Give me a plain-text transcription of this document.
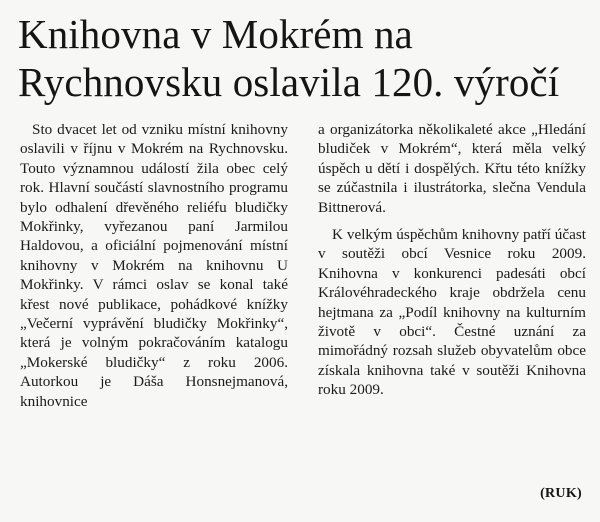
Knihovna v Mokrém na
Rychnovsku oslavila 120. výročí

Sto dvacet let od vzniku místní knihovny oslavili v říjnu v Mokrém na Rychnovsku. Touto významnou událostí žila obec celý rok. Hlavní součástí slavnostního programu bylo odhalení dřevěného reliéfu bludičky Mokřinky, vyřezanou paní Jarmilou Haldovou, a oficiální pojmenování místní knihovny v Mokrém na knihovnu U Mokřinky. V rámci oslav se konal také křest nové publikace, pohádkové knížky „Večerní vyprávění bludičky Mokřinky“, která je volným pokračováním katalogu „Mokerské bludičky“ z roku 2006. Autorkou je Dáša Honsnejmanová, knihovnice

a organizátorka několikaleté akce „Hledání bludiček v Mokrém“, která měla velký úspěch u dětí i dospělých. Křtu této knížky se zúčastnila i ilustrátorka, slečna Vendula Bittnerová.

K velkým úspěchům knihovny patří účast v soutěži obcí Vesnice roku 2009. Knihovna v konkurenci padesáti obcí Královéhradeckého kraje obdržela cenu hejtmana za „Podíl knihovny na kulturním životě v obci“. Čestné uznání za mimořádný rozsah služeb obyvatelům obce získala knihovna také v soutěži Knihovna roku 2009.

(RUK)
